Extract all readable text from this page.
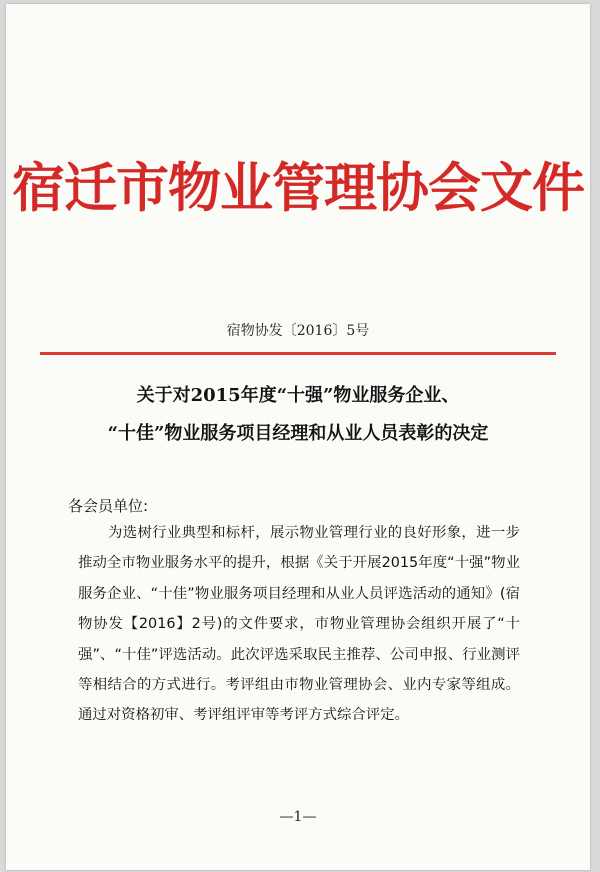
宿迁市物业管理协会文件
宿物协发〔2016〕5号
关于对2015年度“十强”物业服务企业、
“十佳”物业服务项目经理和从业人员表彰的决定
各会员单位:

为选树行业典型和标杆，展示物业管理行业的良好形象，进一步推动全市物业服务水平的提升，根据《关于开展2015年度“十强”物业服务企业、“十佳”物业服务项目经理和从业人员评选活动的通知》(宿物协发【2016】2号)的文件要求，市物业管理协会组织开展了“十强”、“十佳”评选活动。此次评选采取民主推荐、公司申报、行业测评等相结合的方式进行。考评组由市物业管理协会、业内专家等组成。通过对资格初审、考评组评审等考评方式综合评定。

—1—
